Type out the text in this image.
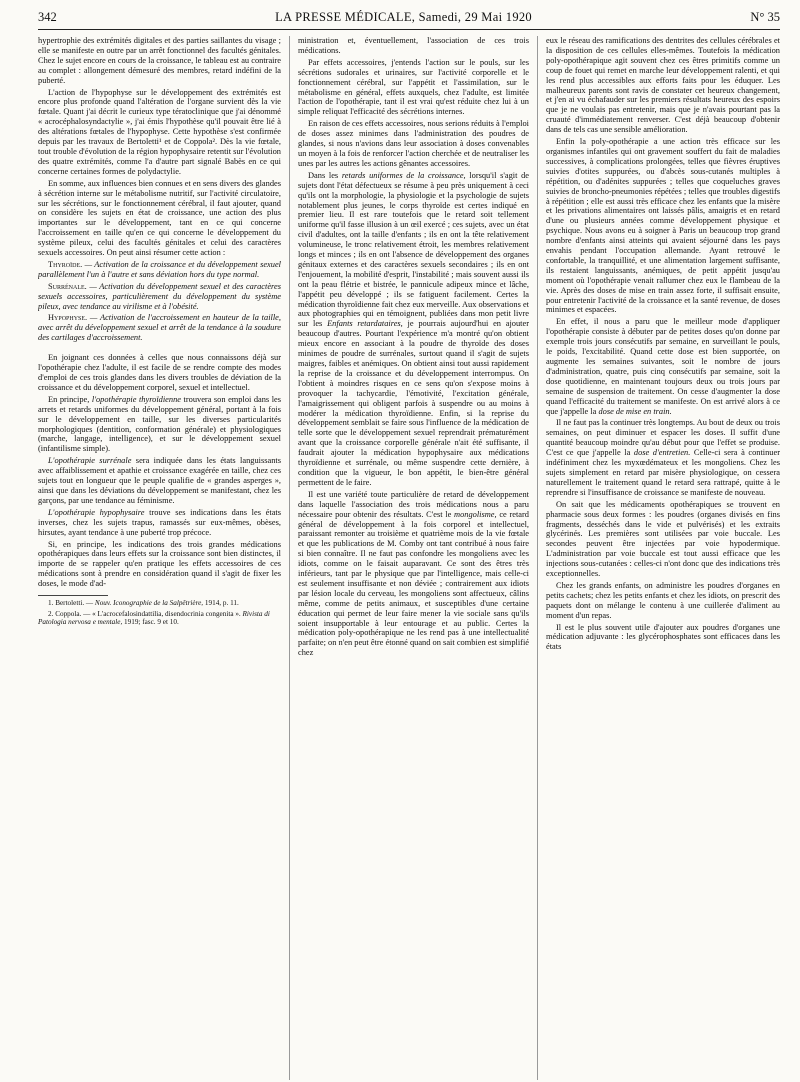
342	LA PRESSE MÉDICALE, Samedi, 29 Mai 1920	N° 35

hypertrophie des extrémités digitales et des parties saillantes du visage ; elle se manifeste en outre par un arrêt fonctionnel des facultés génitales. Chez le sujet encore en cours de la croissance, le tableau est au contraire au complet : allongement démesuré des membres, retard indéfini de la puberté.

L'action de l'hypophyse sur le développement des extrémités est encore plus profonde quand l'altération de l'organe survient dès la vie fœtale. Quant j'ai décrit le curieux type tératoclinique que j'ai dénommé « acrocéphalosyndactylie », j'ai émis l'hypothèse qu'il pouvait être lié à des altérations fœtales de l'hypophyse. Cette hypothèse s'est confirmée depuis par les travaux de Bertoletti¹ et de Coppola². Dès la vie fœtale, tout trouble d'évolution de la région hypophysaire retentit sur l'évolution des quatre extrémités, comme l'a d'autre part signalé Babès en ce qui concerne certaines formes de polydactylie.

En somme, aux influences bien connues et en sens divers des glandes à sécrétion interne sur le métabolisme nutritif, sur l'activité circulatoire, sur les sécrétions, sur le fonctionnement cérébral, il faut ajouter, quand on considère les sujets en état de croissance, une action des plus importantes sur le développement, tant en ce qui concerne l'accroissement en taille qu'en ce qui concerne le développement du système pileux, celui des facultés génitales et celui des caractères sexuels accessoires. On peut ainsi résumer cette action :

Thyroïde. — Activation de la croissance et du développement sexuel parallèlement l'un à l'autre et sans déviation hors du type normal.

Surrénale. — Activation du développement sexuel et des caractères sexuels accessoires, particulièrement du développement du système pileux, avec tendance au virilisme et à l'obésité.

Hypophyse. — Activation de l'accroissement en hauteur de la taille, avec arrêt du développement sexuel et arrêt de la tendance à la soudure des cartilages d'accroissement.

En joignant ces données à celles que nous connaissons déjà sur l'opothérapie chez l'adulte, il est facile de se rendre compte des modes d'emploi de ces trois glandes dans les divers troubles de déviation de la croissance et du développement corporel, sexuel et intellectuel.

En principe, l'opothérapie thyroïdienne trouvera son emploi dans les arrets et retards uniformes du développement général, portant à la fois sur le développement en taille, sur les diverses particularités morphologiques (dentition, conformation générale) et physiologiques (marche, langage, intelligence), et sur le développement sexuel (infantilisme simple).

L'opothérapie surrénale sera indiquée dans les états languissants avec affaiblissement et apathie et croissance exagérée en taille, chez ces sujets tout en longueur que le peuple qualifie de « grandes asperges », ainsi que dans les déviations du développement se manifestant, chez les garçons, par une tendance au féminisme.

L'opothérapie hypophysaire trouve ses indications dans les états inverses, chez les sujets trapus, ramassés sur eux-mêmes, obèses, hirsutes, ayant tendance à une puberté trop précoce.

Si, en principe, les indications des trois grandes médications opothérapiques dans leurs effets sur la croissance sont bien distinctes, il importe de se rappeler qu'en pratique les effets accessoires de ces médications sont à prendre en considération quand il s'agit de fixer les doses, le mode d'ad-

1. Bertoletti. — Nouv. Iconographie de la Salpêtrière, 1914, p. 11.

2. Coppola. — « L'acrocefalosindattilia, disendocrinia congenita ». Rivista di Patologia nervosa e mentale, 1919; fasc. 9 et 10.

ministration et, éventuellement, l'association de ces trois médications.

Par effets accessoires, j'entends l'action sur le pouls, sur les sécrétions sudorales et urinaires, sur l'activité corporelle et le fonctionnement cérébral, sur l'appétit et l'assimilation, sur le métabolisme en général, effets auxquels, chez l'adulte, est limitée l'action de l'opothérapie, tant il est vrai qu'est réduite chez lui à un simple reliquat l'efficacité des sécrétions internes.

En raison de ces effets accessoires, nous serions réduits à l'emploi de doses assez minimes dans l'administration des poudres de glandes, si nous n'avions dans leur association à doses convenables un moyen à la fois de renforcer l'action cherchée et de neutraliser les unes par les autres les actions gênantes accessoires.

Dans les retards uniformes de la croissance, lorsqu'il s'agit de sujets dont l'état défectueux se résume à peu près uniquement à ceci qu'ils ont la morphologie, la physiologie et la psychologie de sujets notablement plus jeunes, le corps thyroïde est certes indiqué en premier lieu. Il est rare toutefois que le retard soit tellement uniforme qu'il fasse illusion à un œil exercé ; ces sujets, avec un état civil d'adultes, ont la taille d'enfants ; ils en ont la tête relativement volumineuse, le tronc relativement étroit, les membres relativement longs et minces ; ils en ont l'absence de développement des organes génitaux externes et des caractères sexuels secondaires ; ils en ont l'enjouement, la mobilité d'esprit, l'instabilité ; mais souvent aussi ils ont la peau flétrie et bistrée, le pannicule adipeux mince et lâche, l'appétit peu développé ; ils se fatiguent facilement. Certes la médication thyroïdienne fait chez eux merveille. Aux observations et aux photographies qui en témoignent, publiées dans mon petit livre sur les Enfants retardataires, je pourrais aujourd'hui en ajouter beaucoup d'autres. Pourtant l'expérience m'a montré qu'on obtient mieux encore en associant à la poudre de thyroïde des doses minimes de poudre de surrénales, surtout quand il s'agit de sujets maigres, faibles et anémiques. On obtient ainsi tout aussi rapidement la reprise de la croissance et du développement interrompus. On l'obtient à moindres risques en ce sens qu'on s'expose moins à provoquer la tachycardie, l'émotivité, l'excitation générale, l'amaigrissement qui obligent parfois à suspendre ou au moins à modérer la médication thyroïdienne. Enfin, si la reprise du développement semblait se faire sous l'influence de la médication de telle sorte que le développement sexuel reprendrait prématurément avant que la croissance corporelle générale n'ait été suffisante, il faudrait ajouter la médication hypophysaire aux médications thyroïdienne et surrénale, ou même suspendre cette dernière, à condition que la vigueur, le bon appétit, le bien-être général permettent de le faire.

Il est une variété toute particulière de retard de développement dans laquelle l'association des trois médications nous a paru nécessaire pour obtenir des résultats. C'est le mongolisme, ce retard général de développement à la fois corporel et intellectuel, paraissant remonter au troisième et quatrième mois de la vie fœtale et que les publications de M. Comby ont tant contribué à nous faire si bien connaître. Il ne faut pas confondre les mongoliens avec les idiots, comme on le faisait auparavant. Ce sont des êtres très inférieurs, tant par le physique que par l'intelligence, mais celle-ci est seulement insuffisante et non déviée ; contrairement aux idiots par lésion locale du cerveau, les mongoliens sont affectueux, câlins même, comme de petits animaux, et susceptibles d'une certaine éducation qui permet de leur faire mener la vie sociale sans qu'ils soient insupportable à leur entourage et au public. Certes la médication poly-opothérapique ne les rend pas à une intellectualité parfaite; on n'en peut être étonné quand on sait combien est simplifié chez

eux le réseau des ramifications des dentrites des cellules cérébrales et la disposition de ces cellules elles-mêmes. Toutefois la médication poly-opothérapique agit souvent chez ces êtres primitifs comme un coup de fouet qui remet en marche leur développement ralenti, et qui les rend plus accessibles aux efforts faits pour les éduquer. Les malheureux parents sont ravis de constater cet heureux changement, et j'en ai vu échafauder sur les premiers résultats heureux des espoirs que je ne voulais pas entretenir, mais que je n'avais pourtant pas la cruauté d'immédiatement renverser. C'est déjà beaucoup d'obtenir dans de tels cas une sensible amélioration.

Enfin la poly-opothérapie a une action très efficace sur les organismes infantiles qui ont gravement souffert du fait de maladies successives, à complications prolongées, telles que fièvres éruptives suivies d'otites suppurées, ou d'abcès sous-cutanés multiples à répétition, ou d'adénites suppurées ; telles que coqueluches graves suivies de broncho-pneumonies répétées ; telles que troubles digestifs à répétition ; elle est aussi très efficace chez les enfants que la misère et les privations alimentaires ont laissés pâlis, amaigris et en retard d'une ou plusieurs années comme développement physique et psychique. Nous avons eu à soigner à Paris un beaucoup trop grand nombre d'enfants ainsi atteints qui avaient séjourné dans les pays envahis pendant l'occupation allemande. Ayant retrouvé le confortable, la tranquillité, et une alimentation largement suffisante, ils restaient languissants, anémiques, de petit appétit jusqu'au moment où l'opothérapie venait rallumer chez eux le flambeau de la vie. Après des doses de mise en train assez forte, il suffisait ensuite, pour entretenir l'activité de la croissance et la santé revenue, de doses minimes et espacées.

En effet, il nous a paru que le meilleur mode d'appliquer l'opothérapie consiste à débuter par de petites doses qu'on donne par exemple trois jours consécutifs par semaine, en surveillant le pouls, le poids, l'excitabilité. Quand cette dose est bien supportée, on augmente les semaines suivantes, soit le nombre de jours d'administration, quatre, puis cinq consécutifs par semaine, soit la dose quotidienne, en maintenant toujours deux ou trois jours par semaine de suspension de traitement. On cesse d'augmenter la dose quand l'efficacité du traitement se manifeste. On est arrivé alors à ce que j'appelle la dose de mise en train.

Il ne faut pas la continuer très longtemps. Au bout de deux ou trois semaines, on peut diminuer et espacer les doses. Il suffit d'une quantité beaucoup moindre qu'au début pour que l'effet se produise. C'est ce que j'appelle la dose d'entretien. Celle-ci sera à continuer indéfiniment chez les myxœdémateux et les mongoliens. Chez les sujets simplement en retard par misère physiologique, on cessera naturellement le traitement quand le retard sera rattrapé, quitte à le reprendre si l'insuffisance de croissance se manifeste de nouveau.

On sait que les médicaments opothérapiques se trouvent en pharmacie sous deux formes : les poudres (organes divisés en fins fragments, desséchés dans le vide et pulvérisés) et les extraits glycérinés. Les premières sont utilisées par voie buccale. Les secondes peuvent être injectées par voie hypodermique. L'administration par voie buccale est tout aussi efficace que les injections sous-cutanées : celles-ci n'ont donc que des indications très exceptionnelles.

Chez les grands enfants, on administre les poudres d'organes en petits cachets; chez les petits enfants et chez les idiots, on prescrit des paquets dont on mélange le contenu à une cuillerée d'aliment au moment d'un repas.

Il est le plus souvent utile d'ajouter aux poudres d'organes une médication adjuvante : les glycérophosphates sont efficaces dans les états
